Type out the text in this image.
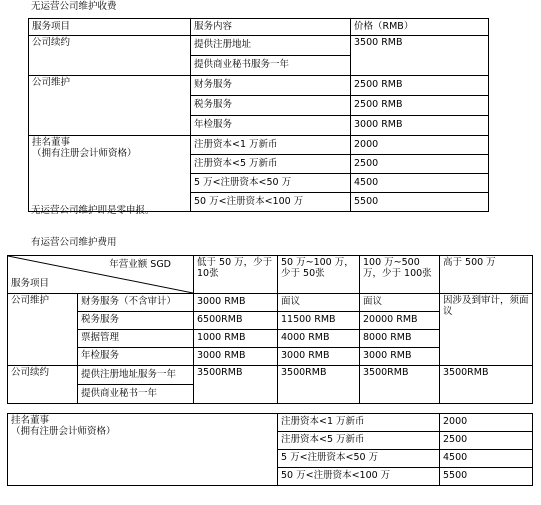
无运营公司维护收费
服务项目	服务内容	价格（RMB）
公司续约	提供注册地址	3500 RMB
	提供商业秘书服务一年	
公司维护	财务服务	2500 RMB
	税务服务	2500 RMB
	年检服务	3000 RMB

挂名董事
（拥有注册会计师资格）	注册资本<1 万新币	2000
	注册资本<5 万新币	2500
	5 万<注册资本<50 万	4500
	50 万<注册资本<100 万	5500
无运营公司维护即是零申报。
有运营公司维护费用
年营业额 SGD
服务项目		低于 50 万，少于 10张	50 万~100 万，少于 50张	100 万~500 万，少于 100张	高于 500 万
公司维护	财务服务（不含审计）	3000 RMB	面议	面议	因涉及到审计，须面议
	税务服务	6500RMB	11500 RMB	20000 RMB	
	票据管理	1000 RMB	4000 RMB	8000 RMB	
	年检服务	3000 RMB	3000 RMB	3000 RMB	
公司续约	提供注册地址服务一年	3500RMB	3500RMB	3500RMB	3500RMB
	提供商业秘书一年				

挂名董事
（拥有注册会计师资格）			注册资本<1 万新币		2000
			注册资本<5 万新币		2500
			5 万<注册资本<50 万		4500
			50 万<注册资本<100 万		5500
